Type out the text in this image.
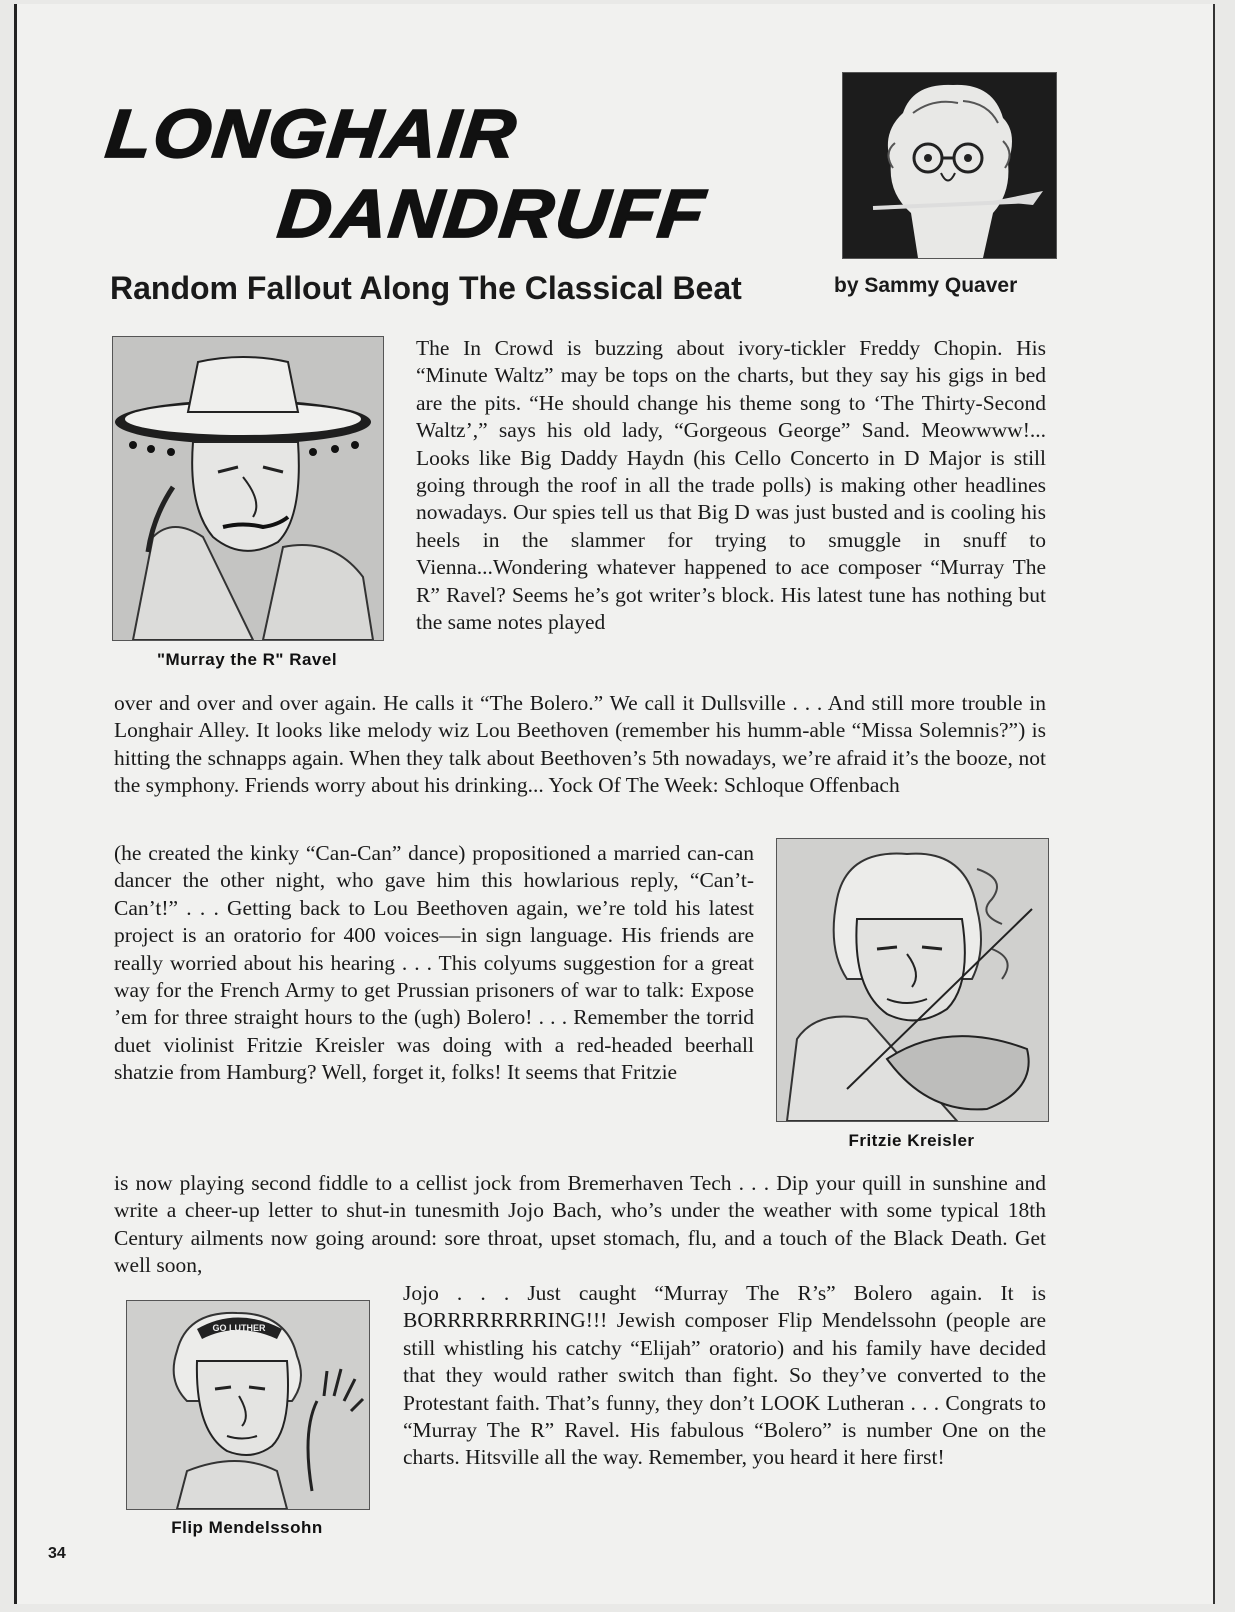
LONGHAIR
DANDRUFF
Random Fallout Along The Classical Beat	by Sammy Quaver
"Murray the R" Ravel

The In Crowd is buzzing about ivory-tickler Freddy Chopin. His “Minute Waltz” may be tops on the charts, but they say his gigs in bed are the pits. “He should change his theme song to ‘The Thirty-Second Waltz’,” says his old lady, “Gorgeous George” Sand. Meowwww!... Looks like Big Daddy Haydn (his Cello Concerto in D Major is still going through the roof in all the trade polls) is making other headlines nowadays. Our spies tell us that Big D was just busted and is cooling his heels in the slammer for trying to smuggle in snuff to Vienna...Wondering whatever happened to ace composer “Murray The R” Ravel? Seems he’s got writer’s block. His latest tune has nothing but the same notes played

over and over and over again. He calls it “The Bolero.” We call it Dullsville . . . And still more trouble in Longhair Alley. It looks like melody wiz Lou Beethoven (remember his humm-able “Missa Solemnis?”) is hitting the schnapps again. When they talk about Beethoven’s 5th nowadays, we’re afraid it’s the booze, not the symphony. Friends worry about his drinking... Yock Of The Week: Schloque Offenbach

(he created the kinky “Can-Can” dance) propositioned a married can-can dancer the other night, who gave him this howlarious reply, “Can’t-Can’t!” . . . Getting back to Lou Beethoven again, we’re told his latest project is an oratorio for 400 voices—in sign language. His friends are really worried about his hearing . . . This colyums suggestion for a great way for the French Army to get Prussian prisoners of war to talk: Expose ’em for three straight hours to the (ugh) Bolero! . . . Remember the torrid duet violinist Fritzie Kreisler was doing with a red-headed beerhall shatzie from Hamburg? Well, forget it, folks! It seems that Fritzie

Fritzie Kreisler

is now playing second fiddle to a cellist jock from Bremerhaven Tech . . . Dip your quill in sunshine and write a cheer-up letter to shut-in tunesmith Jojo Bach, who’s under the weather with some typical 18th Century ailments now going around: sore throat, upset stomach, flu, and a touch of the Black Death. Get well soon,

GO LUTHER
Flip Mendelssohn

Jojo . . . Just caught “Murray The R’s” Bolero again. It is BORRRRRRRRING!!! Jewish composer Flip Mendelssohn (people are still whistling his catchy “Elijah” oratorio) and his family have decided that they would rather switch than fight. So they’ve converted to the Protestant faith. That’s funny, they don’t LOOK Lutheran . . . Congrats to “Murray The R” Ravel. His fabulous “Bolero” is number One on the charts. Hitsville all the way. Remember, you heard it here first!

34
